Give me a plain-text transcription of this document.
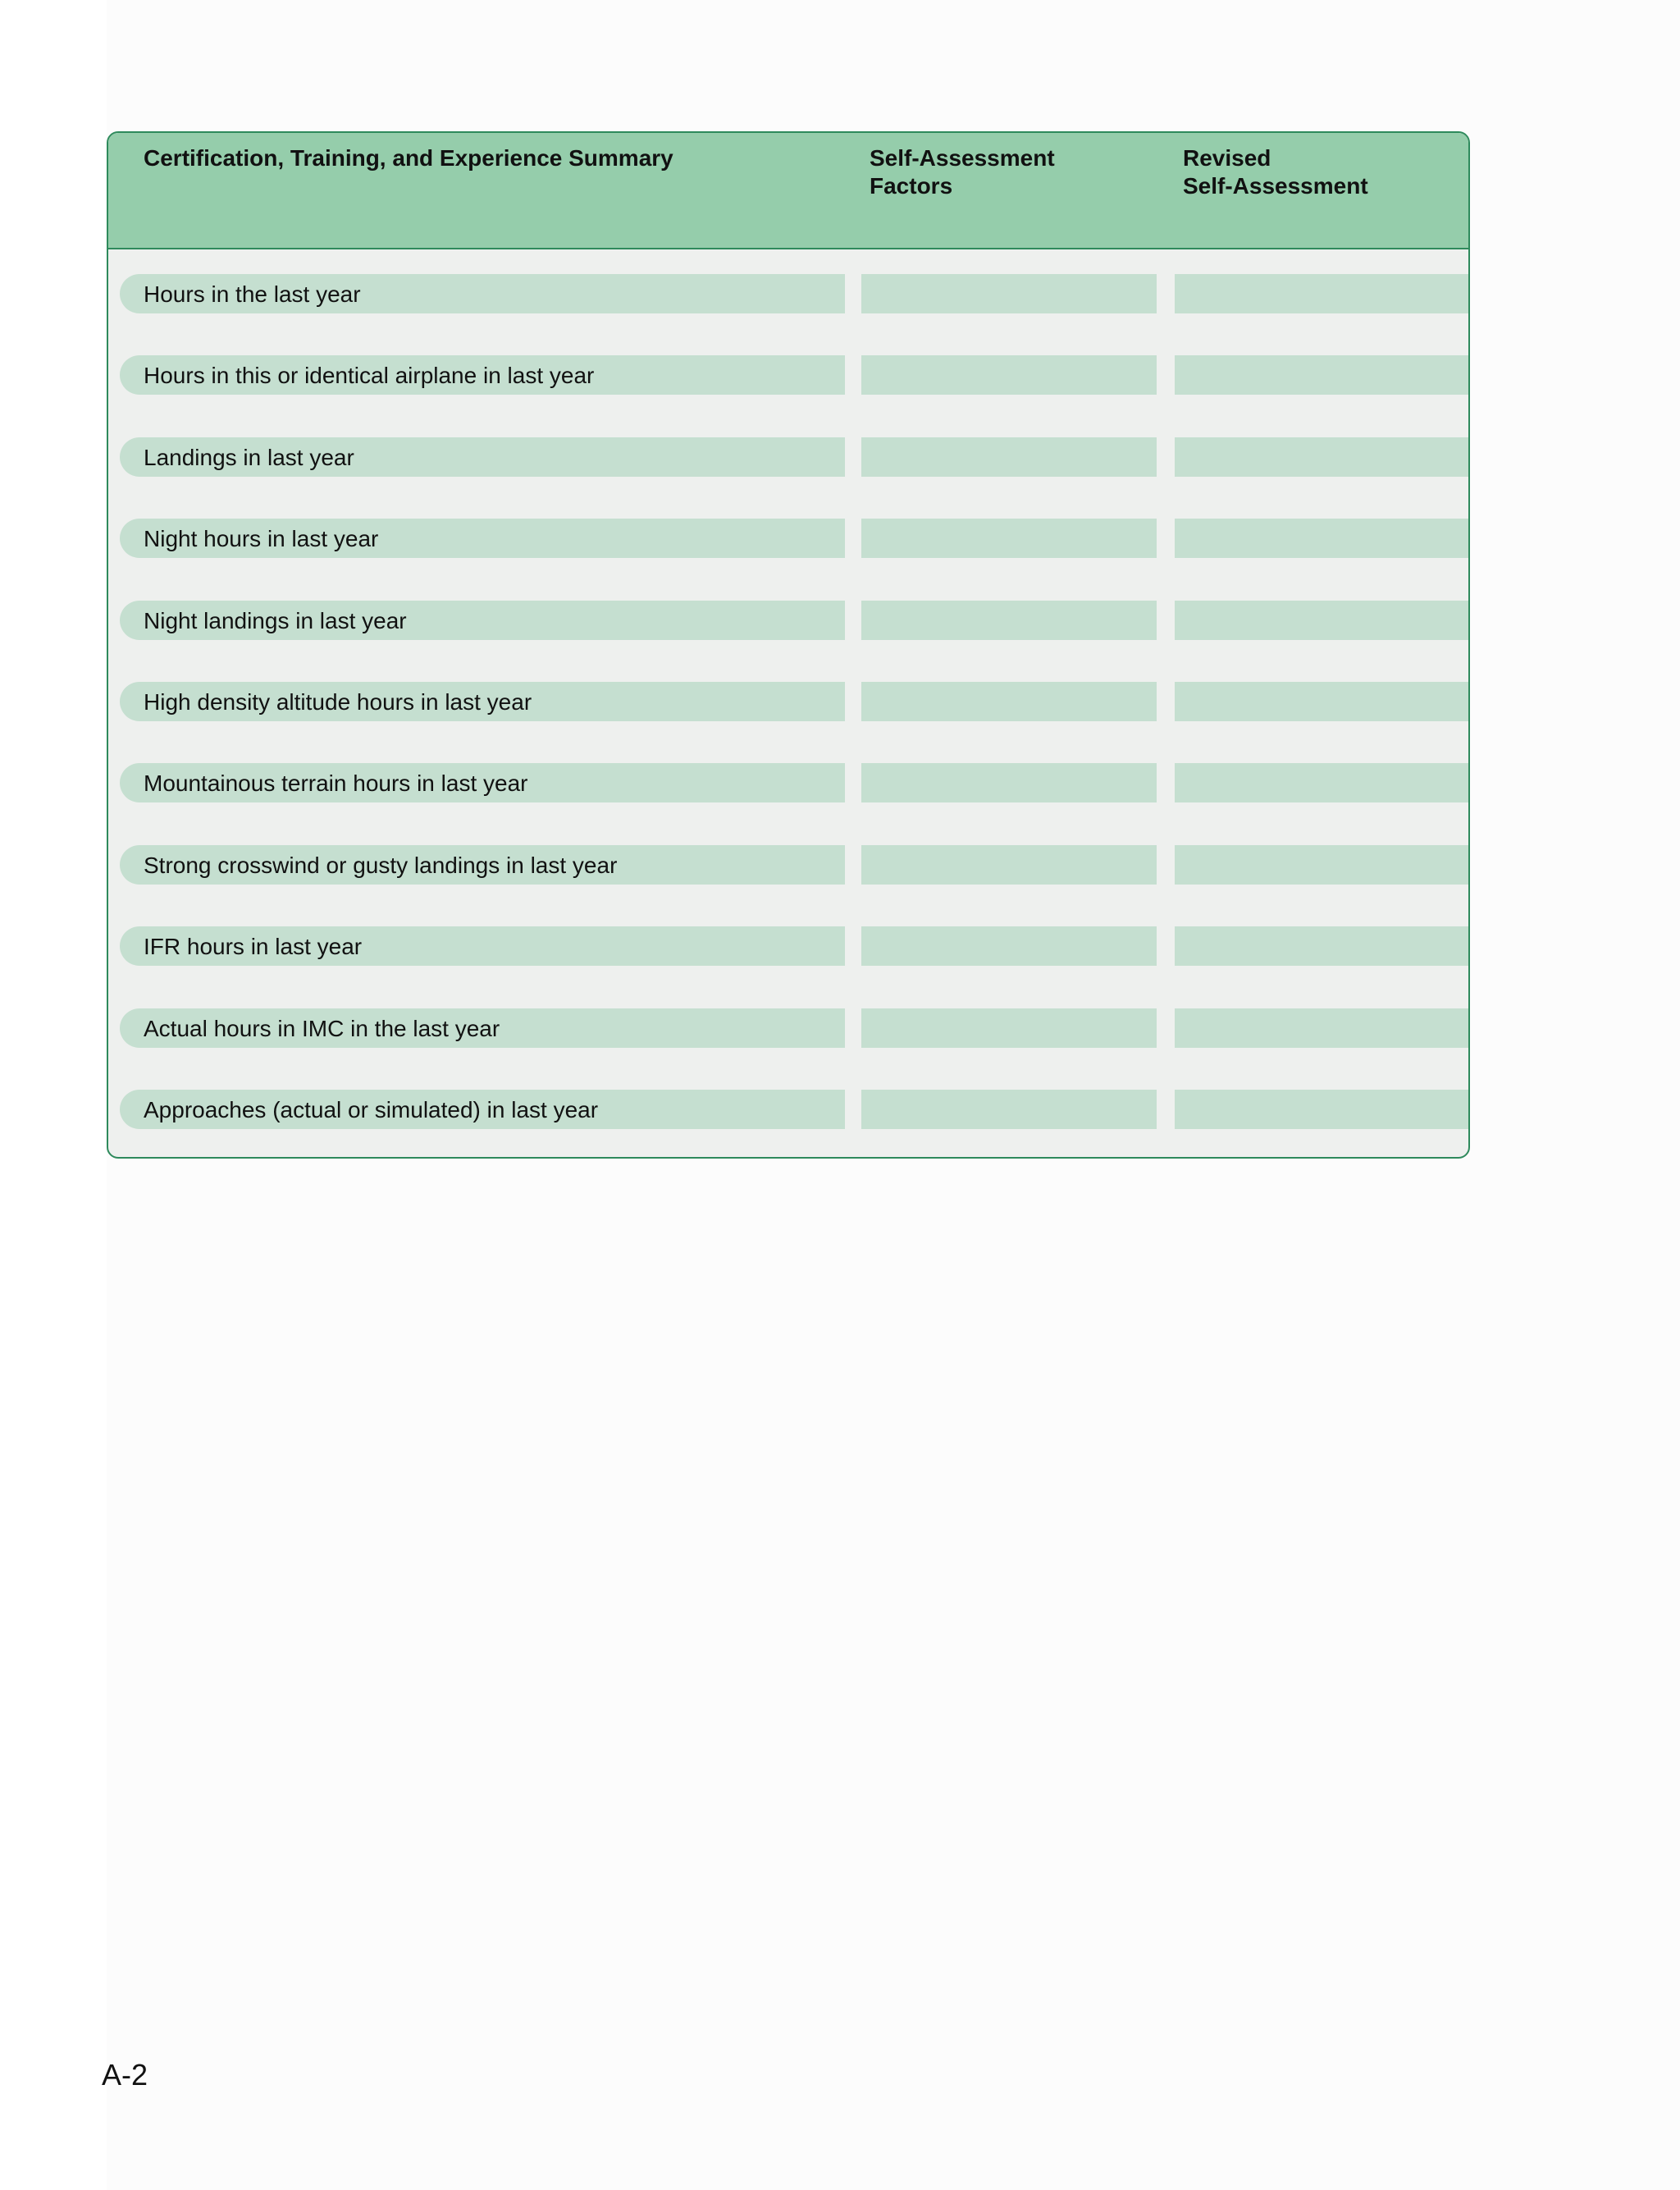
Certification, Training, and Experience Summary	Self-Assessment
Factors
Revised
Self-Assessment
Hours in the last year
Hours in this or identical airplane in last year
Landings in last year
Night hours in last year
Night landings in last year
High density altitude hours in last year
Mountainous terrain hours in last year
Strong crosswind or gusty landings in last year
IFR hours in last year
Actual hours in IMC in the last year
Approaches (actual or simulated) in last year
A-2
